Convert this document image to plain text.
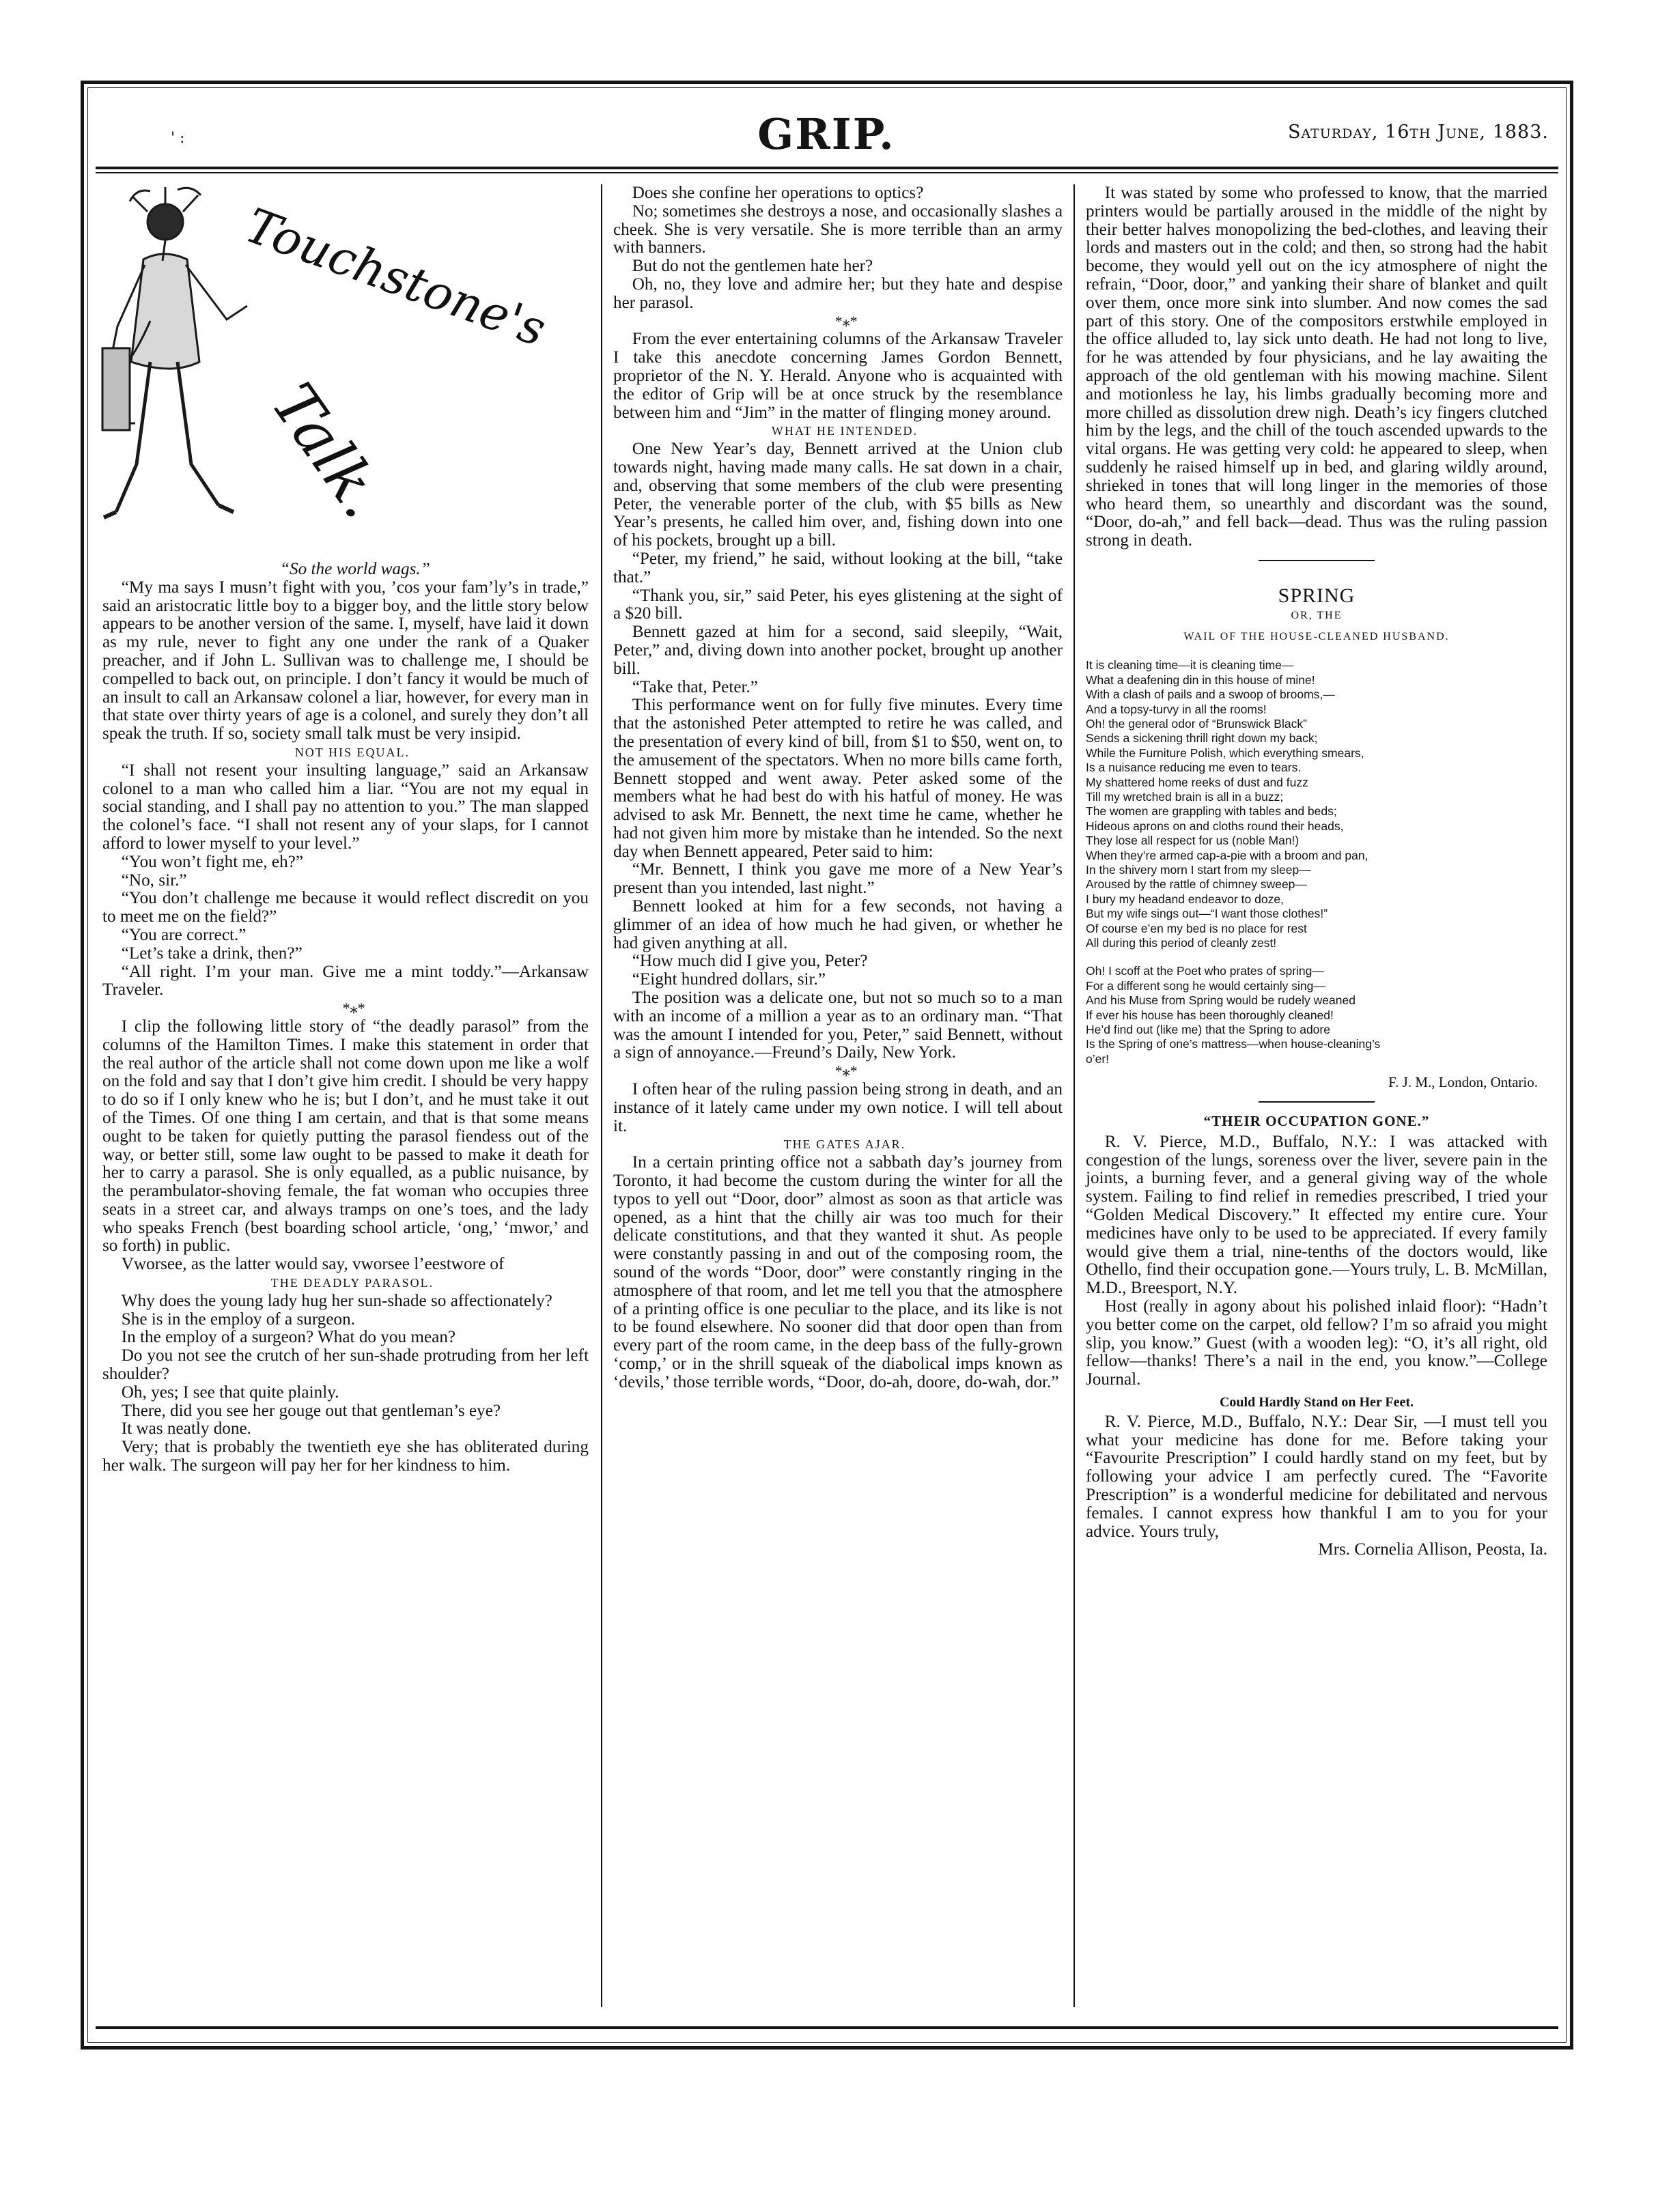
' :	GRIP.	Saturday, 16th June, 1883.
Touchstone's
Talk.

“So the world wags.”

“My ma says I musn’t fight with you, ’cos your fam’ly’s in trade,” said an aristocratic little boy to a bigger boy, and the little story below appears to be another version of the same. I, myself, have laid it down as my rule, never to fight any one under the rank of a Quaker preacher, and if John L. Sullivan was to challenge me, I should be compelled to back out, on principle. I don’t fancy it would be much of an insult to call an Arkansaw colonel a liar, however, for every man in that state over thirty years of age is a colonel, and surely they don’t all speak the truth. If so, society small talk must be very insipid.

NOT HIS EQUAL.

“I shall not resent your insulting language,” said an Arkansaw colonel to a man who called him a liar. “You are not my equal in social standing, and I shall pay no attention to you.” The man slapped the colonel’s face. “I shall not resent any of your slaps, for I cannot afford to lower myself to your level.”

“You won’t fight me, eh?”

“No, sir.”

“You don’t challenge me because it would reflect discredit on you to meet me on the field?”

“You are correct.”

“Let’s take a drink, then?”

“All right. I’m your man. Give me a mint toddy.”—Arkansaw Traveler.

*⁎*

I clip the following little story of “the deadly parasol” from the columns of the Hamilton Times. I make this statement in order that the real author of the article shall not come down upon me like a wolf on the fold and say that I don’t give him credit. I should be very happy to do so if I only knew who he is; but I don’t, and he must take it out of the Times. Of one thing I am certain, and that is that some means ought to be taken for quietly putting the parasol fiendess out of the way, or better still, some law ought to be passed to make it death for her to carry a parasol. She is only equalled, as a public nuisance, by the perambulator-shoving female, the fat woman who occupies three seats in a street car, and always tramps on one’s toes, and the lady who speaks French (best boarding school article, ‘ong,’ ‘mwor,’ and so forth) in public.

Vworsee, as the latter would say, vworsee l’eestwore of

THE DEADLY PARASOL.

Why does the young lady hug her sun-shade so affectionately?

She is in the employ of a surgeon.

In the employ of a surgeon? What do you mean?

Do you not see the crutch of her sun-shade protruding from her left shoulder?

Oh, yes; I see that quite plainly.

There, did you see her gouge out that gentleman’s eye?

It was neatly done.

Very; that is probably the twentieth eye she has obliterated during her walk. The surgeon will pay her for her kindness to him.

Does she confine her operations to optics?

No; sometimes she destroys a nose, and occasionally slashes a cheek. She is very versatile. She is more terrible than an army with banners.

But do not the gentlemen hate her?

Oh, no, they love and admire her; but they hate and despise her parasol.

*⁎*

From the ever entertaining columns of the Arkansaw Traveler I take this anecdote concerning James Gordon Bennett, proprietor of the N. Y. Herald. Anyone who is acquainted with the editor of Grip will be at once struck by the resemblance between him and “Jim” in the matter of flinging money around.

WHAT HE INTENDED.

One New Year’s day, Bennett arrived at the Union club towards night, having made many calls. He sat down in a chair, and, observing that some members of the club were presenting Peter, the venerable porter of the club, with $5 bills as New Year’s presents, he called him over, and, fishing down into one of his pockets, brought up a bill.

“Peter, my friend,” he said, without looking at the bill, “take that.”

“Thank you, sir,” said Peter, his eyes glistening at the sight of a $20 bill.

Bennett gazed at him for a second, said sleepily, “Wait, Peter,” and, diving down into another pocket, brought up another bill.

“Take that, Peter.”

This performance went on for fully five minutes. Every time that the astonished Peter attempted to retire he was called, and the presentation of every kind of bill, from $1 to $50, went on, to the amusement of the spectators. When no more bills came forth, Bennett stopped and went away. Peter asked some of the members what he had best do with his hatful of money. He was advised to ask Mr. Bennett, the next time he came, whether he had not given him more by mistake than he intended. So the next day when Bennett appeared, Peter said to him:

“Mr. Bennett, I think you gave me more of a New Year’s present than you intended, last night.”

Bennett looked at him for a few seconds, not having a glimmer of an idea of how much he had given, or whether he had given anything at all.

“How much did I give you, Peter?

“Eight hundred dollars, sir.”

The position was a delicate one, but not so much so to a man with an income of a million a year as to an ordinary man. “That was the amount I intended for you, Peter,” said Bennett, without a sign of annoyance.—Freund’s Daily, New York.

*⁎*

I often hear of the ruling passion being strong in death, and an instance of it lately came under my own notice. I will tell about it.

THE GATES AJAR.

In a certain printing office not a sabbath day’s journey from Toronto, it had become the custom during the winter for all the typos to yell out “Door, door” almost as soon as that article was opened, as a hint that the chilly air was too much for their delicate constitutions, and that they wanted it shut. As people were constantly passing in and out of the composing room, the sound of the words “Door, door” were constantly ringing in the atmosphere of that room, and let me tell you that the atmosphere of a printing office is one peculiar to the place, and its like is not to be found elsewhere. No sooner did that door open than from every part of the room came, in the deep bass of the fully-grown ‘comp,’ or in the shrill squeak of the diabolical imps known as ‘devils,’ those terrible words, “Door, do-ah, doore, do-wah, dor.”

It was stated by some who professed to know, that the married printers would be partially aroused in the middle of the night by their better halves monopolizing the bed-clothes, and leaving their lords and masters out in the cold; and then, so strong had the habit become, they would yell out on the icy atmosphere of night the refrain, “Door, door,” and yanking their share of blanket and quilt over them, once more sink into slumber. And now comes the sad part of this story. One of the compositors erstwhile employed in the office alluded to, lay sick unto death. He had not long to live, for he was attended by four physicians, and he lay awaiting the approach of the old gentleman with his mowing machine. Silent and motionless he lay, his limbs gradually becoming more and more chilled as dissolution drew nigh. Death’s icy fingers clutched him by the legs, and the chill of the touch ascended upwards to the vital organs. He was getting very cold: he appeared to sleep, when suddenly he raised himself up in bed, and glaring wildly around, shrieked in tones that will long linger in the memories of those who heard them, so unearthly and discordant was the sound, “Door, do-ah,” and fell back—dead. Thus was the ruling passion strong in death.

SPRING
OR, THE
WAIL OF THE HOUSE-CLEANED HUSBAND.
It is cleaning time—it is cleaning time—
What a deafening din in this house of mine!
With a clash of pails and a swoop of brooms,—
And a topsy-turvy in all the rooms!
Oh! the general odor of “Brunswick Black”
Sends a sickening thrill right down my back;
While the Furniture Polish, which everything smears,
Is a nuisance reducing me even to tears.
My shattered home reeks of dust and fuzz
Till my wretched brain is all in a buzz;
The women are grappling with tables and beds;
Hideous aprons on and cloths round their heads,
They lose all respect for us (noble Man!)
When they’re armed cap-a-pie with a broom and pan,
In the shivery morn I start from my sleep—
Aroused by the rattle of chimney sweep—
I bury my headand endeavor to doze,
But my wife sings out—“I want those clothes!”
Of course e’en my bed is no place for rest
All during this period of cleanly zest!
Oh! I scoff at the Poet who prates of spring—
For a different song he would certainly sing—
And his Muse from Spring would be rudely weaned
If ever his house has been thoroughly cleaned!
He’d find out (like me) that the Spring to adore
Is the Spring of one’s mattress—when house-cleaning’s
o’er!
F. J. M., London, Ontario.
“THEIR OCCUPATION GONE.”

R. V. Pierce, M.D., Buffalo, N.Y.: I was attacked with congestion of the lungs, soreness over the liver, severe pain in the joints, a burning fever, and a general giving way of the whole system. Failing to find relief in remedies prescribed, I tried your “Golden Medical Discovery.” It effected my entire cure. Your medicines have only to be used to be appreciated. If every family would give them a trial, nine-tenths of the doctors would, like Othello, find their occupation gone.—Yours truly, L. B. McMillan, M.D., Breesport, N.Y.

Host (really in agony about his polished inlaid floor): “Hadn’t you better come on the carpet, old fellow? I’m so afraid you might slip, you know.” Guest (with a wooden leg): “O, it’s all right, old fellow—thanks! There’s a nail in the end, you know.”—College Journal.

Could Hardly Stand on Her Feet.

R. V. Pierce, M.D., Buffalo, N.Y.: Dear Sir, —I must tell you what your medicine has done for me. Before taking your “Favourite Prescription” I could hardly stand on my feet, but by following your advice I am perfectly cured. The “Favorite Prescription” is a wonderful medicine for debilitated and nervous females. I cannot express how thankful I am to you for your advice. Yours truly,

Mrs. Cornelia Allison, Peosta, Ia.
